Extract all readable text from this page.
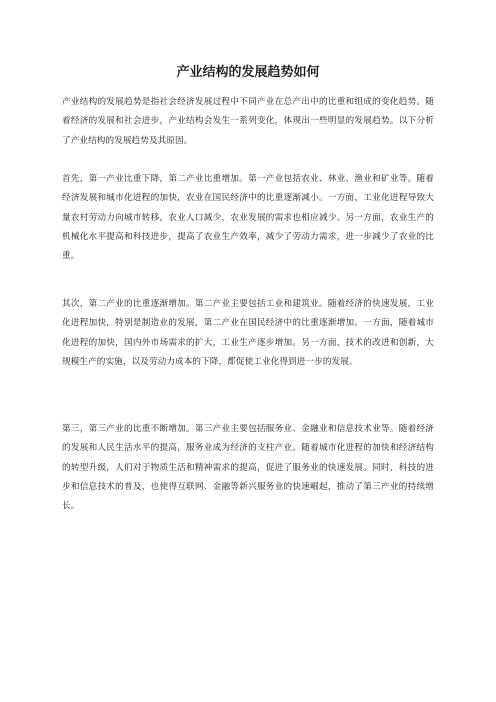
产业结构的发展趋势如何

产业结构的发展趋势是指社会经济发展过程中不同产业在总产出中的比重和组成的变化趋势。随着经济的发展和社会进步，产业结构会发生一系列变化，体现出一些明显的发展趋势。以下分析了产业结构的发展趋势及其原因。

首先，第一产业比重下降，第二产业比重增加。第一产业包括农业、林业、渔业和矿业等。随着经济发展和城市化进程的加快，农业在国民经济中的比重逐渐减小。一方面，工业化进程导致大量农村劳动力向城市转移，农业人口减少，农业发展的需求也相应减少。另一方面，农业生产的机械化水平提高和科技进步，提高了农业生产效率，减少了劳动力需求，进一步减少了农业的比重。

其次，第二产业的比重逐渐增加。第二产业主要包括工业和建筑业。随着经济的快速发展，工业化进程加快，特别是制造业的发展，第二产业在国民经济中的比重逐渐增加。一方面，随着城市化进程的加快，国内外市场需求的扩大，工业生产逐步增加。另一方面，技术的改进和创新，大规模生产的实施，以及劳动力成本的下降，都促使工业化得到进一步的发展。

第三，第三产业的比重不断增加。第三产业主要包括服务业、金融业和信息技术业等。随着经济的发展和人民生活水平的提高，服务业成为经济的支柱产业。随着城市化进程的加快和经济结构的转型升级，人们对于物质生活和精神需求的提高，促进了服务业的快速发展。同时，科技的进步和信息技术的普及，也使得互联网、金融等新兴服务业的快速崛起，推动了第三产业的持续增长。
